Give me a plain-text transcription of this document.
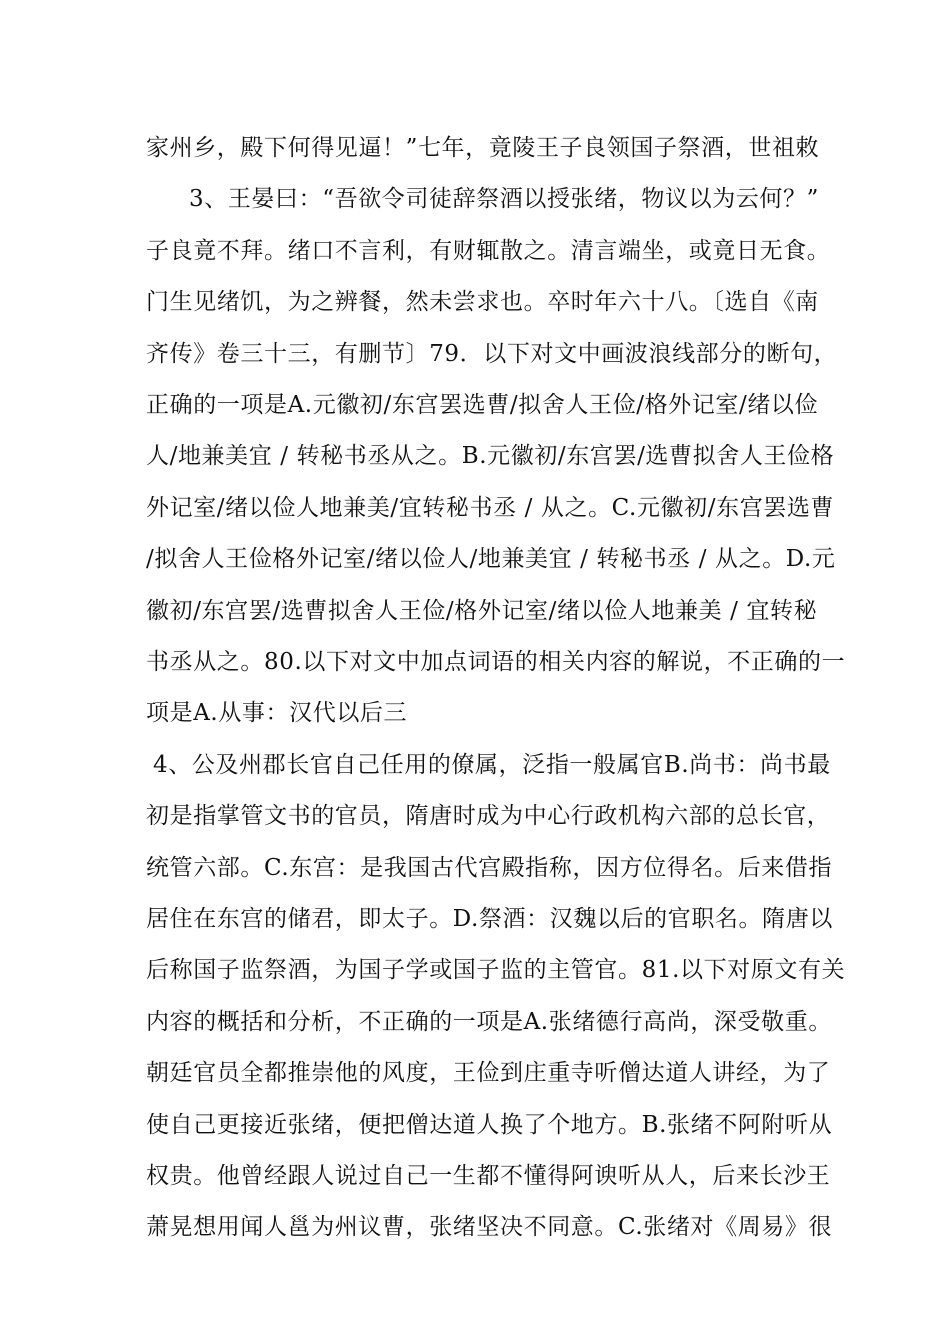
家州乡，殿下何得见逼！”七年，竟陵王子良领国子祭酒，世祖敕
3、王晏曰：“吾欲令司徒辞祭酒以授张绪，物议以为云何？”
子良竟不拜。绪口不言利，有财辄散之。清言端坐，或竟日无食。
门生见绪饥，为之辨餐，然未尝求也。卒时年六十八。〔选自《南
齐传》卷三十三，有删节〕79．以下对文中画波浪线部分的断句，
正确的一项是A.元徽初/东宫罢选曹/拟舍人王俭/格外记室/绪以俭
人/地兼美宜 / 转秘书丞从之。B.元徽初/东宫罢/选曹拟舍人王俭格
外记室/绪以俭人地兼美/宜转秘书丞 / 从之。C.元徽初/东宫罢选曹
/拟舍人王俭格外记室/绪以俭人/地兼美宜 / 转秘书丞 / 从之。D.元
徽初/东宫罢/选曹拟舍人王俭/格外记室/绪以俭人地兼美 / 宜转秘
书丞从之。80.以下对文中加点词语的相关内容的解说，不正确的一
项是A.从事：汉代以后三
4、公及州郡长官自己任用的僚属，泛指一般属官B.尚书：尚书最
初是指掌管文书的官员，隋唐时成为中心行政机构六部的总长官，
统管六部。C.东宫：是我国古代宫殿指称，因方位得名。后来借指
居住在东宫的储君，即太子。D.祭酒：汉魏以后的官职名。隋唐以
后称国子监祭酒，为国子学或国子监的主管官。81.以下对原文有关
内容的概括和分析，不正确的一项是A.张绪德行高尚，深受敬重。
朝廷官员全都推崇他的风度，王俭到庄重寺听僧达道人讲经，为了
使自己更接近张绪，便把僧达道人换了个地方。B.张绪不阿附听从
权贵。他曾经跟人说过自己一生都不懂得阿谀听从人，后来长沙王
萧晃想用闻人邕为州议曹，张绪坚决不同意。C.张绪对《周易》很
